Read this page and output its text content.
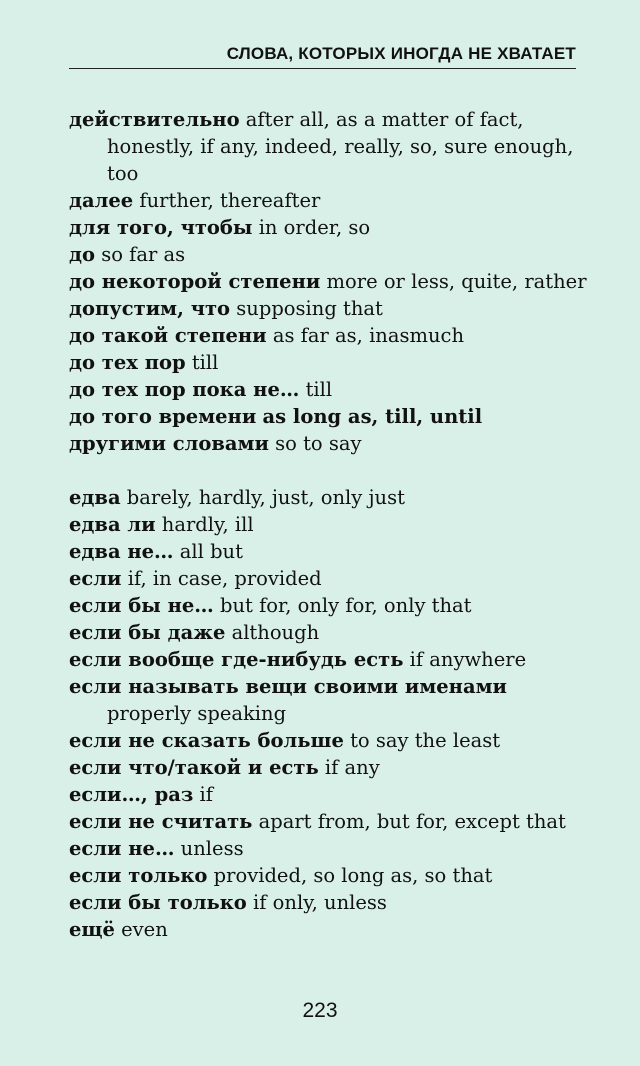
СЛОВА, КОТОРЫХ ИНОГДА НЕ ХВАТАЕТ
действительно after all, as a matter of fact, honestly, if any, indeed, really, so, sure enough, too
далее further, thereafter
для того, чтобы in order, so
до so far as
до некоторой степени more or less, quite, rather
допустим, что supposing that
до такой степени as far as, inasmuch
до тех пор till
до тех пор пока не… till
до того времени as long as, till, until
другими словами so to say
едва barely, hardly, just, only just
едва ли hardly, ill
едва не… all but
если if, in case, provided
если бы не… but for, only for, only that
если бы даже although
если вообще где-нибудь есть if anywhere
если называть вещи своими именами properly speaking
если не сказать больше to say the least
если что/такой и есть if any
если…, раз if
если не считать apart from, but for, except that
если не… unless
если только provided, so long as, so that
если бы только if only, unless
ещё even
223
